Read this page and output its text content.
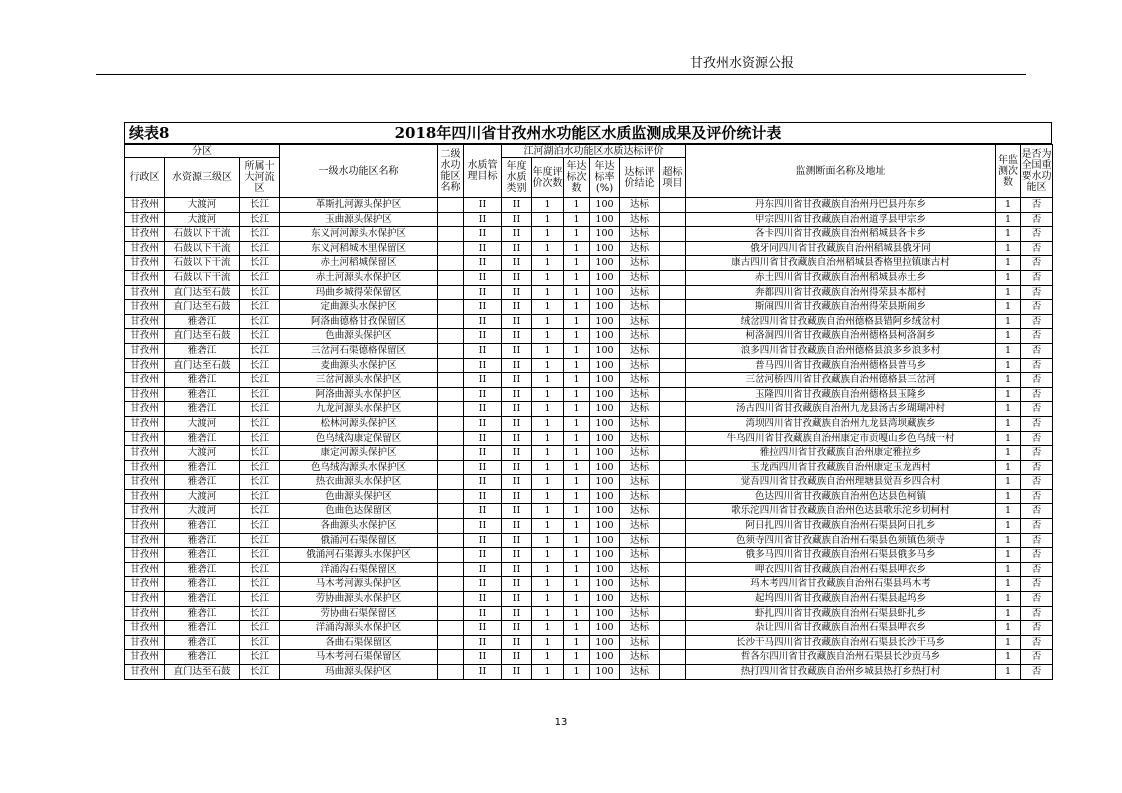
甘孜州水资源公报
续表8	2018年四川省甘孜州水功能区水质监测成果及评价统计表
分区			一级水功能区名称	二级水功能区名称	水质管理目标	江河湖泊水功能区水质达标评价						监测断面名称及地址	年监测次数	是否为全国重要水功能区
行政区	水资源三级区	所属十大河流区				年度水质类别	年度评价次数	年达标次数	年达标率(%)	达标评价结论	超标项目			
甘孜州	大渡河	长江	革斯扎河源头保护区		II	II	1	1	100	达标		丹东四川省甘孜藏族自治州丹巴县丹东乡	1	否
甘孜州	大渡河	长江	玉曲源头保护区		II	II	1	1	100	达标		甲宗四川省甘孜藏族自治州道孚县甲宗乡	1	否
甘孜州	石鼓以下干流	长江	东义河河源头水保护区		II	II	1	1	100	达标		各卡四川省甘孜藏族自治州稻城县各卡乡	1	否
甘孜州	石鼓以下干流	长江	东义河稻城木里保留区		II	II	1	1	100	达标		俄牙同四川省甘孜藏族自治州稻城县俄牙同	1	否
甘孜州	石鼓以下干流	长江	赤土河稻城保留区		II	II	1	1	100	达标		康古四川省甘孜藏族自治州稻城县香格里拉镇康古村	1	否
甘孜州	石鼓以下干流	长江	赤土河源头水保护区		II	II	1	1	100	达标		赤土四川省甘孜藏族自治州稻城县赤土乡	1	否
甘孜州	直门达至石鼓	长江	玛曲乡城得荣保留区		II	II	1	1	100	达标		奔都四川省甘孜藏族自治州得荣县本都村	1	否
甘孜州	直门达至石鼓	长江	定曲源头水保护区		II	II	1	1	100	达标		斯闹四川省甘孜藏族自治州得荣县斯闹乡	1	否
甘孜州	雅砻江	长江	阿洛曲德格甘孜保留区		II	II	1	1	100	达标		绒岔四川省甘孜藏族自治州德格县错阿乡绒岔村	1	否
甘孜州	直门达至石鼓	长江	色曲源头保护区		II	II	1	1	100	达标		柯洛洞四川省甘孜藏族自治州德格县柯洛洞乡	1	否
甘孜州	雅砻江	长江	三岔河石渠德格保留区		II	II	1	1	100	达标		浪多四川省甘孜藏族自治州德格县浪多乡浪多村	1	否
甘孜州	直门达至石鼓	长江	麦曲源头水保护区		II	II	1	1	100	达标		普马四川省甘孜藏族自治州德格县普马乡	1	否
甘孜州	雅砻江	长江	三岔河源头水保护区		II	II	1	1	100	达标		三岔河桥四川省甘孜藏族自治州德格县三岔河	1	否
甘孜州	雅砻江	长江	阿洛曲源头水保护区		II	II	1	1	100	达标		玉隆四川省甘孜藏族自治州德格县玉隆乡	1	否
甘孜州	雅砻江	长江	九龙河源头水保护区		II	II	1	1	100	达标		汤古四川省甘孜藏族自治州九龙县汤古乡瑚瑚冲村	1	否
甘孜州	大渡河	长江	松林河源头保护区		II	II	1	1	100	达标		湾坝四川省甘孜藏族自治州九龙县湾坝藏族乡	1	否
甘孜州	雅砻江	长江	色乌绒沟康定保留区		II	II	1	1	100	达标		牛乌四川省甘孜藏族自治州康定市贡嘎山乡色乌绒一村	1	否
甘孜州	大渡河	长江	康定河源头保护区		II	II	1	1	100	达标		雅拉四川省甘孜藏族自治州康定雅拉乡	1	否
甘孜州	雅砻江	长江	色乌绒沟源头水保护区		II	II	1	1	100	达标		玉龙西四川省甘孜藏族自治州康定玉龙西村	1	否
甘孜州	雅砻江	长江	热衣曲源头水保护区		II	II	1	1	100	达标		觉吾四川省甘孜藏族自治州理塘县觉吾乡四合村	1	否
甘孜州	大渡河	长江	色曲源头保护区		II	II	1	1	100	达标		色达四川省甘孜藏族自治州色达县色柯镇	1	否
甘孜州	大渡河	长江	色曲色达保留区		II	II	1	1	100	达标		歌乐沱四川省甘孜藏族自治州色达县歌乐沱乡切柯村	1	否
甘孜州	雅砻江	长江	各曲源头水保护区		II	II	1	1	100	达标		阿日扎四川省甘孜藏族自治州石渠县阿日扎乡	1	否
甘孜州	雅砻江	长江	俄涌河石渠保留区		II	II	1	1	100	达标		色须寺四川省甘孜藏族自治州石渠县色须镇色须寺	1	否
甘孜州	雅砻江	长江	俄涌河石渠源头水保护区		II	II	1	1	100	达标		俄多马四川省甘孜藏族自治州石渠县俄多马乡	1	否
甘孜州	雅砻江	长江	洋涌沟石渠保留区		II	II	1	1	100	达标		呷衣四川省甘孜藏族自治州石渠县呷衣乡	1	否
甘孜州	雅砻江	长江	马木考河源头保护区		II	II	1	1	100	达标		玛木考四川省甘孜藏族自治州石渠县玛木考	1	否
甘孜州	雅砻江	长江	劳协曲源头水保护区		II	II	1	1	100	达标		起坞四川省甘孜藏族自治州石渠县起坞乡	1	否
甘孜州	雅砻江	长江	劳协曲石渠保留区		II	II	1	1	100	达标		虾扎四川省甘孜藏族自治州石渠县虾扎乡	1	否
甘孜州	雅砻江	长江	洋涌沟源头水保护区		II	II	1	1	100	达标		杂让四川省甘孜藏族自治州石渠县呷衣乡	1	否
甘孜州	雅砻江	长江	各曲石渠保留区		II	II	1	1	100	达标		长沙干马四川省甘孜藏族自治州石渠县长沙干马乡	1	否
甘孜州	雅砻江	长江	马木考河石渠保留区		II	II	1	1	100	达标		哲各尔四川省甘孜藏族自治州石渠县长沙贡马乡	1	否
甘孜州	直门达至石鼓	长江	玛曲源头保护区		II	II	1	1	100	达标		热打四川省甘孜藏族自治州乡城县热打乡热打村	1	否
13
